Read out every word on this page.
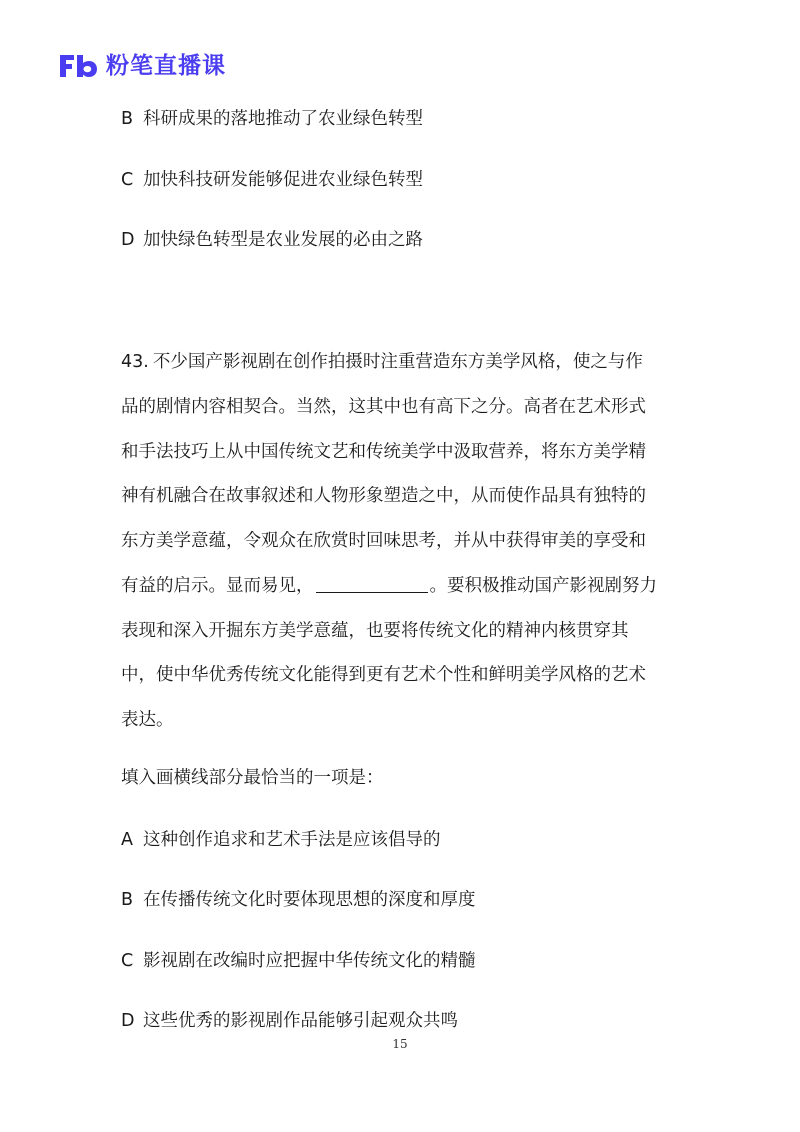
粉笔直播课
B 科研成果的落地推动了农业绿色转型
C 加快科技研发能够促进农业绿色转型
D 加快绿色转型是农业发展的必由之路
43. 不少国产影视剧在创作拍摄时注重营造东方美学风格，使之与作
品的剧情内容相契合。当然，这其中也有高下之分。高者在艺术形式
和手法技巧上从中国传统文艺和传统美学中汲取营养，将东方美学精
神有机融合在故事叙述和人物形象塑造之中，从而使作品具有独特的
东方美学意蕴，令观众在欣赏时回味思考，并从中获得审美的享受和
有益的启示。显而易见，	。要积极推动国产影视剧努力
表现和深入开掘东方美学意蕴，也要将传统文化的精神内核贯穿其
中，使中华优秀传统文化能得到更有艺术个性和鲜明美学风格的艺术
表达。
填入画横线部分最恰当的一项是：
A 这种创作追求和艺术手法是应该倡导的
B 在传播传统文化时要体现思想的深度和厚度
C 影视剧在改编时应把握中华传统文化的精髓
D 这些优秀的影视剧作品能够引起观众共鸣
15
